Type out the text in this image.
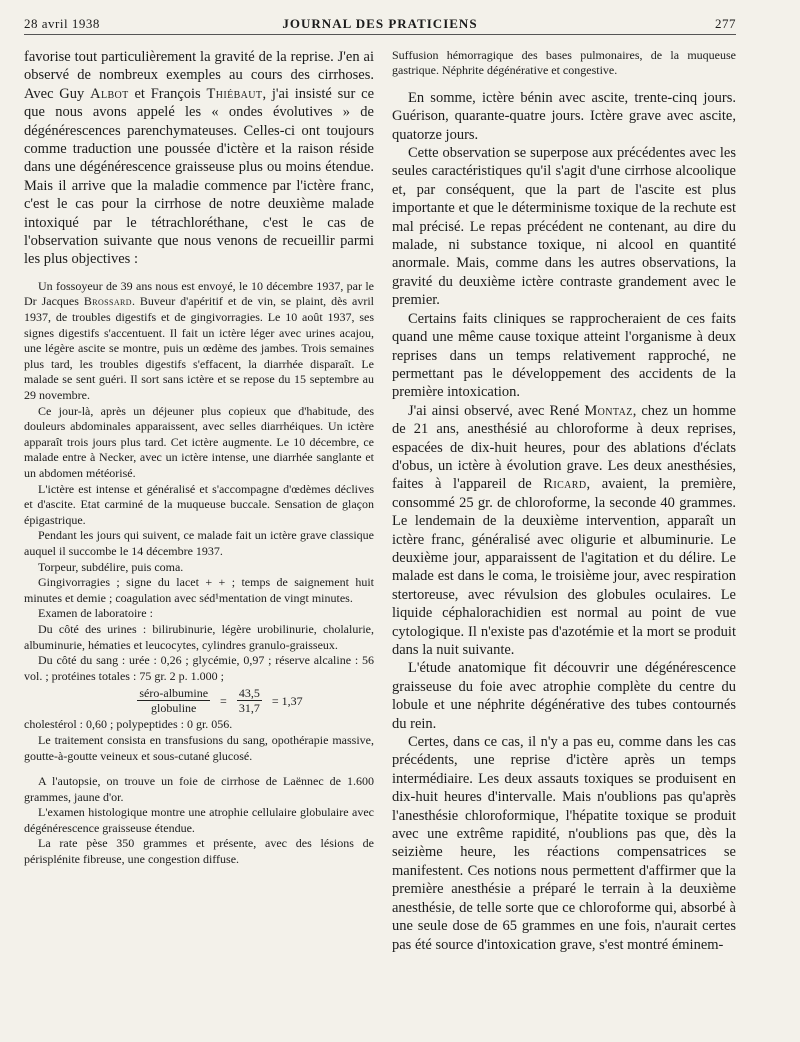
28 avril 1938	JOURNAL DES PRATICIENS	277

favorise tout particulièrement la gravité de la reprise. J'en ai observé de nombreux exemples au cours des cirrhoses. Avec Guy Albot et François Thiébaut, j'ai insisté sur ce que nous avons appelé les « ondes évolutives » de dégénérescences parenchymateuses. Celles-ci ont toujours comme traduction une poussée d'ictère et la raison réside dans une dégénérescence graisseuse plus ou moins étendue. Mais il arrive que la maladie commence par l'ictère franc, c'est le cas pour la cirrhose de notre deuxième malade intoxiqué par le tétrachloréthane, c'est le cas de l'observation suivante que nous venons de recueillir parmi les plus objectives :

Un fossoyeur de 39 ans nous est envoyé, le 10 décembre 1937, par le Dr Jacques Brossard. Buveur d'apéritif et de vin, se plaint, dès avril 1937, de troubles digestifs et de gingivorragies. Le 10 août 1937, ses signes digestifs s'accentuent. Il fait un ictère léger avec urines acajou, une légère ascite se montre, puis un œdème des jambes. Trois semaines plus tard, les troubles digestifs s'effacent, la diarrhée disparaît. Le malade se sent guéri. Il sort sans ictère et se repose du 15 septembre au 29 novembre.

Ce jour-là, après un déjeuner plus copieux que d'habitude, des douleurs abdominales apparaissent, avec selles diarrhéiques. Un ictère apparaît trois jours plus tard. Cet ictère augmente. Le 10 décembre, ce malade entre à Necker, avec un ictère intense, une diarrhée sanglante et un abdomen météorisé.

L'ictère est intense et généralisé et s'accompagne d'œdèmes déclives et d'ascite. Etat carminé de la muqueuse buccale. Sensation de glaçon épigastrique.

Pendant les jours qui suivent, ce malade fait un ictère grave classique auquel il succombe le 14 décembre 1937.

Torpeur, subdélire, puis coma.

Gingivorragies ; signe du lacet + + ; temps de saignement huit minutes et demie ; coagulation avec séd¹mentation de vingt minutes.

Examen de laboratoire :

Du côté des urines : bilirubinurie, légère urobilinurie, cholalurie, albuminurie, hématies et leucocytes, cylindres granulo-graisseux.

Du côté du sang : urée : 0,26 ; glycémie, 0,97 ; réserve alcaline : 56 vol. ; protéines totales : 75 gr. 2 p. 1.000 ;

$\frac{\text{séro-albumine}}{\text{globuline}} = \frac{43,5}{31,7} = 1,37$

cholestérol : 0,60 ; polypeptides : 0 gr. 056.

Le traitement consista en transfusions du sang, opothérapie massive, goutte-à-goutte veineux et sous-cutané glucosé.

A l'autopsie, on trouve un foie de cirrhose de Laënnec de 1.600 grammes, jaune d'or.

L'examen histologique montre une atrophie cellulaire globulaire avec dégénérescence graisseuse étendue.

La rate pèse 350 grammes et présente, avec des lésions de périsplénite fibreuse, une congestion diffuse.

Suffusion hémorragique des bases pulmonaires, de la muqueuse gastrique. Néphrite dégénérative et congestive.

En somme, ictère bénin avec ascite, trente-cinq jours. Guérison, quarante-quatre jours. Ictère grave avec ascite, quatorze jours.

Cette observation se superpose aux précédentes avec les seules caractéristiques qu'il s'agit d'une cirrhose alcoolique et, par conséquent, que la part de l'ascite est plus importante et que le déterminisme toxique de la rechute est mal précisé. Le repas précédent ne contenant, au dire du malade, ni substance toxique, ni alcool en quantité anormale. Mais, comme dans les autres observations, la gravité du deuxième ictère contraste grandement avec le premier.

Certains faits cliniques se rapprocheraient de ces faits quand une même cause toxique atteint l'organisme à deux reprises dans un temps relativement rapproché, ne permettant pas le développement des accidents de la première intoxication.

J'ai ainsi observé, avec René Montaz, chez un homme de 21 ans, anesthésié au chloroforme à deux reprises, espacées de dix-huit heures, pour des ablations d'éclats d'obus, un ictère à évolution grave. Les deux anesthésies, faites à l'appareil de Ricard, avaient, la première, consommé 25 gr. de chloroforme, la seconde 40 grammes. Le lendemain de la deuxième intervention, apparaît un ictère franc, généralisé avec oligurie et albuminurie. Le deuxième jour, apparaissent de l'agitation et du délire. Le malade est dans le coma, le troisième jour, avec respiration stertoreuse, avec révulsion des globules oculaires. Le liquide céphalorachidien est normal au point de vue cytologique. Il n'existe pas d'azotémie et la mort se produit dans la nuit suivante.

L'étude anatomique fit découvrir une dégénérescence graisseuse du foie avec atrophie complète du centre du lobule et une néphrite dégénérative des tubes contournés du rein.

Certes, dans ce cas, il n'y a pas eu, comme dans les cas précédents, une reprise d'ictère après un temps intermédiaire. Les deux assauts toxiques se produisent en dix-huit heures d'intervalle. Mais n'oublions pas qu'après l'anesthésie chloroformique, l'hépatite toxique se produit avec une extrême rapidité, n'oublions pas que, dès la seizième heure, les réactions compensatrices se manifestent. Ces notions nous permettent d'affirmer que la première anesthésie a préparé le terrain à la deuxième anesthésie, de telle sorte que ce chloroforme qui, absorbé à une seule dose de 65 grammes en une fois, n'aurait certes pas été source d'intoxication grave, s'est montré éminem-
